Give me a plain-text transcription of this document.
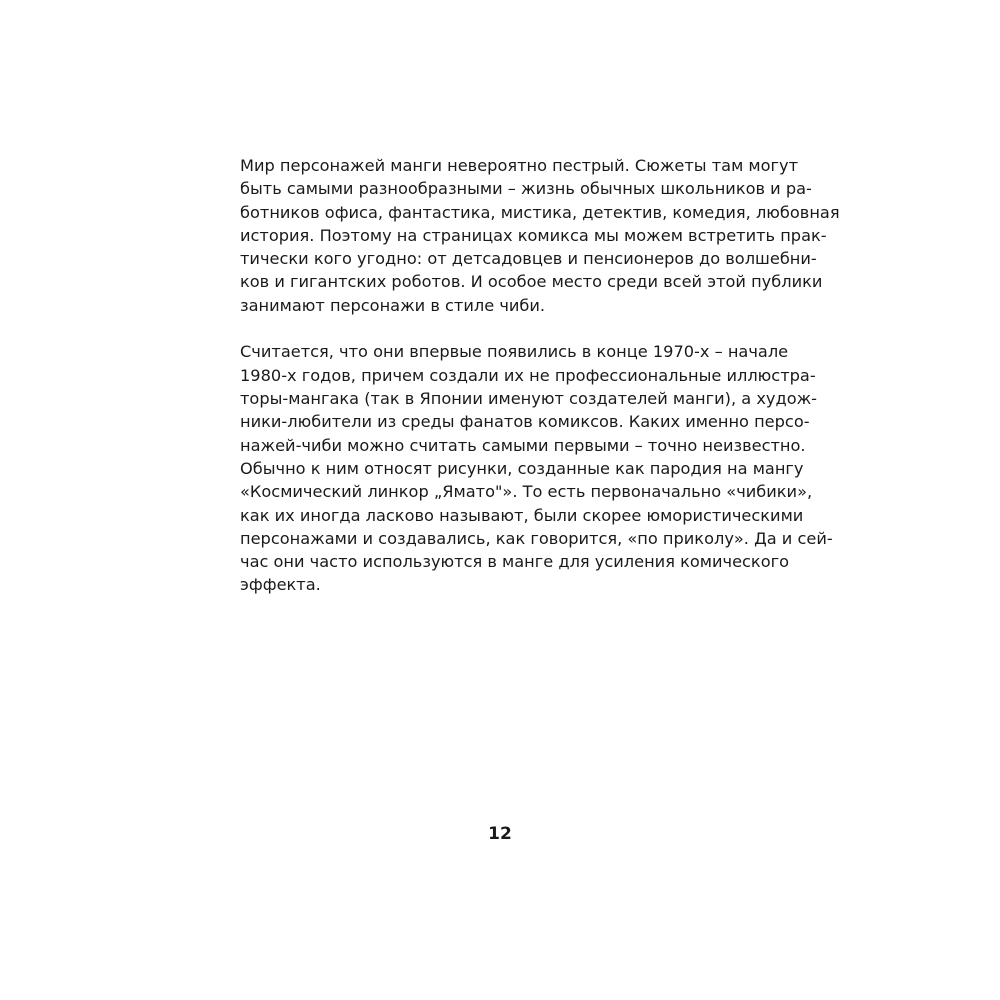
Мир персонажей манги невероятно пестрый. Сюжеты там могут
быть самыми разнообразными – жизнь обычных школьников и ра-
ботников офиса, фантастика, мистика, детектив, комедия, любовная
история. Поэтому на страницах комикса мы можем встретить прак-
тически кого угодно: от детсадовцев и пенсионеров до волшебни-
ков и гигантских роботов. И особое место среди всей этой публики
занимают персонажи в стиле чиби.

Считается, что они впервые появились в конце 1970-х – начале
1980-х годов, причем создали их не профессиональные иллюстра-
торы-мангака (так в Японии именуют создателей манги), а худож-
ники-любители из среды фанатов комиксов. Каких именно персо-
нажей-чиби можно считать самыми первыми – точно неизвестно.
Обычно к ним относят рисунки, созданные как пародия на мангу
«Космический линкор „Ямато"». То есть первоначально «чибики»,
как их иногда ласково называют, были скорее юмористическими
персонажами и создавались, как говорится, «по приколу». Да и сей-
час они часто используются в манге для усиления комического
эффекта.

12
